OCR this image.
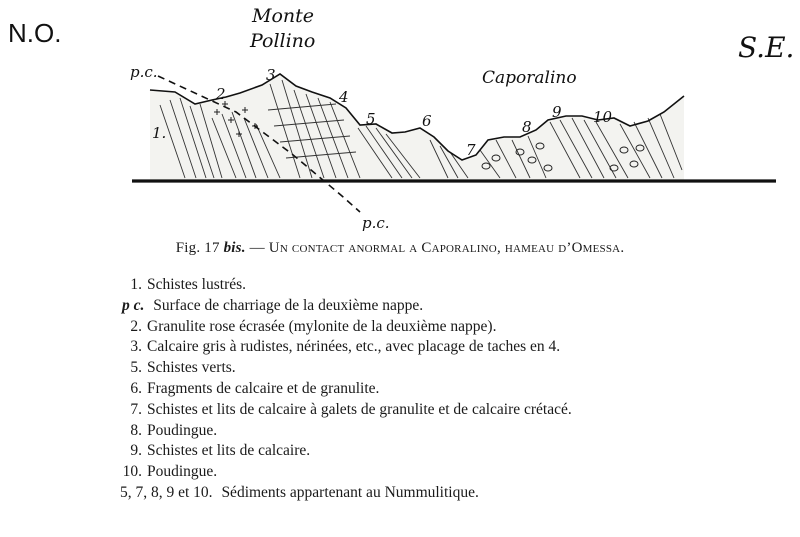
N.O.	S.E.
Monte
Pollino
Caporalino
p.c.
p.c.
1.
2
3
4
5	6
7
8
9 10
Fig. 17 bis. — Un contact anormal a Caporalino, hameau d’Omessa.
1. Schistes lustrés.
p c. Surface de charriage de la deuxième nappe.
2. Granulite rose écrasée (mylonite de la deuxième nappe).
3. Calcaire gris à rudistes, nérinées, etc., avec placage de taches en 4.
5. Schistes verts.
6. Fragments de calcaire et de granulite.
7. Schistes et lits de calcaire à galets de granulite et de calcaire crétacé.
8. Poudingue.
9. Schistes et lits de calcaire.
10. Poudingue.
5, 7, 8, 9 et 10. Sédiments appartenant au Nummulitique.
